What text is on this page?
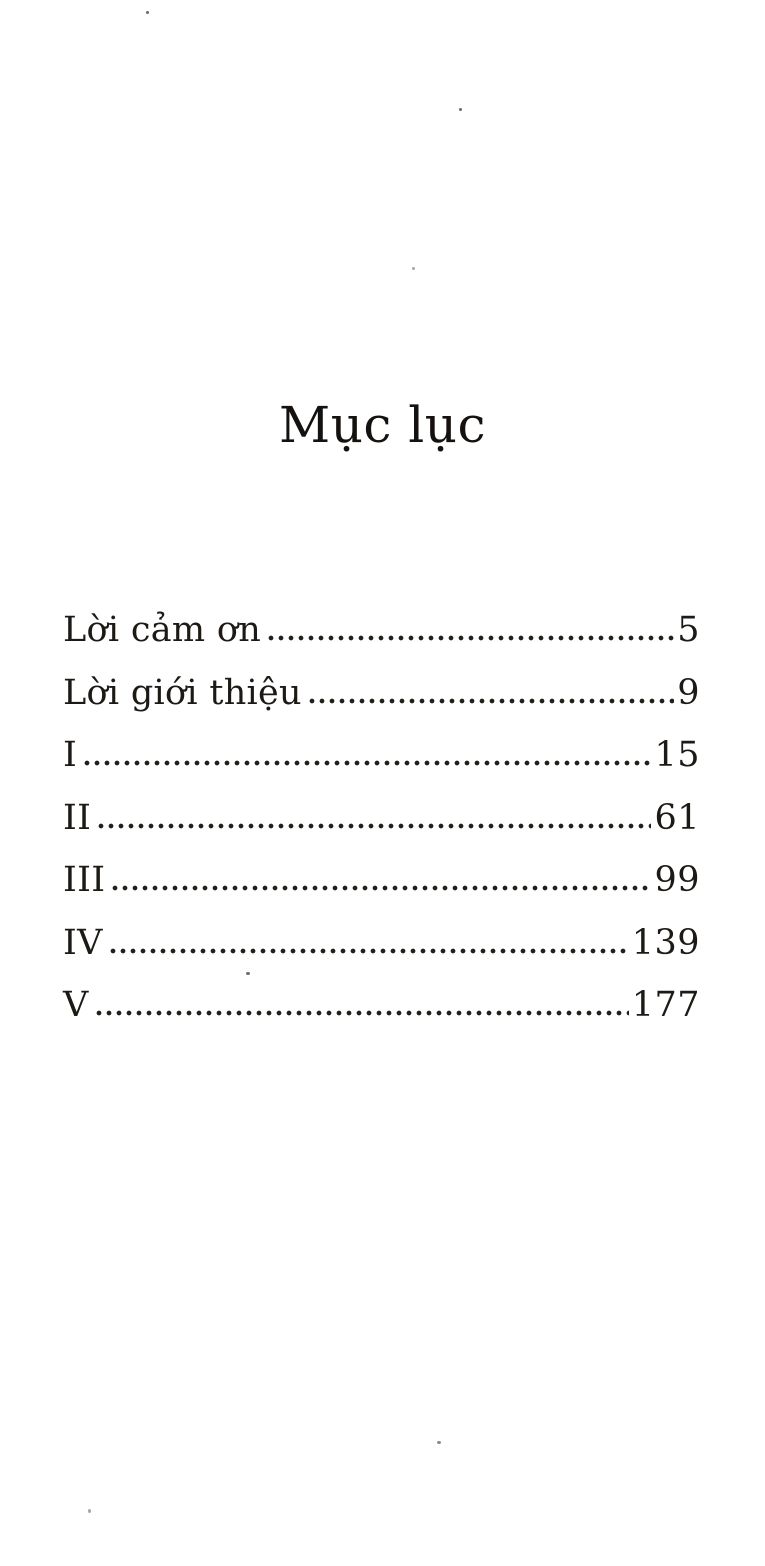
Mục lục
Lời cảm ơn	5
Lời giới thiệu	9
I	15
II	61
III	99
IV	139
V	177
